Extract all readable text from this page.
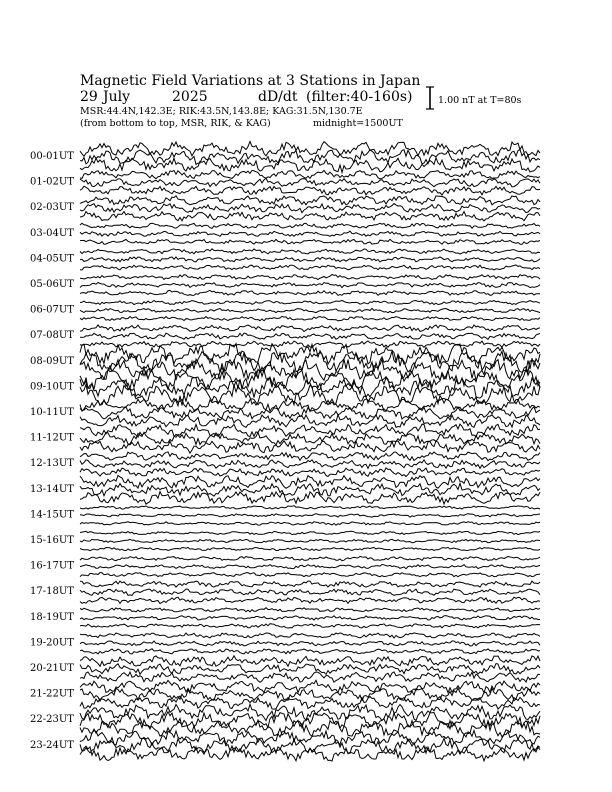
Magnetic Field Variations at 3 Stations in Japan
29 July	2025	dD/dt (filter:40-160s)
MSR:44.4N,142.3E; RIK:43.5N,143.8E; KAG:31.5N,130.7E
(from bottom to top, MSR, RIK, & KAG)	midnight=1500UT
1.00 nT at T=80s
00-01UT
01-02UT
02-03UT
03-04UT
04-05UT
05-06UT
06-07UT
07-08UT
08-09UT
09-10UT
10-11UT
11-12UT
12-13UT
13-14UT
14-15UT
15-16UT
16-17UT
17-18UT
18-19UT
19-20UT
20-21UT
21-22UT
22-23UT
23-24UT
